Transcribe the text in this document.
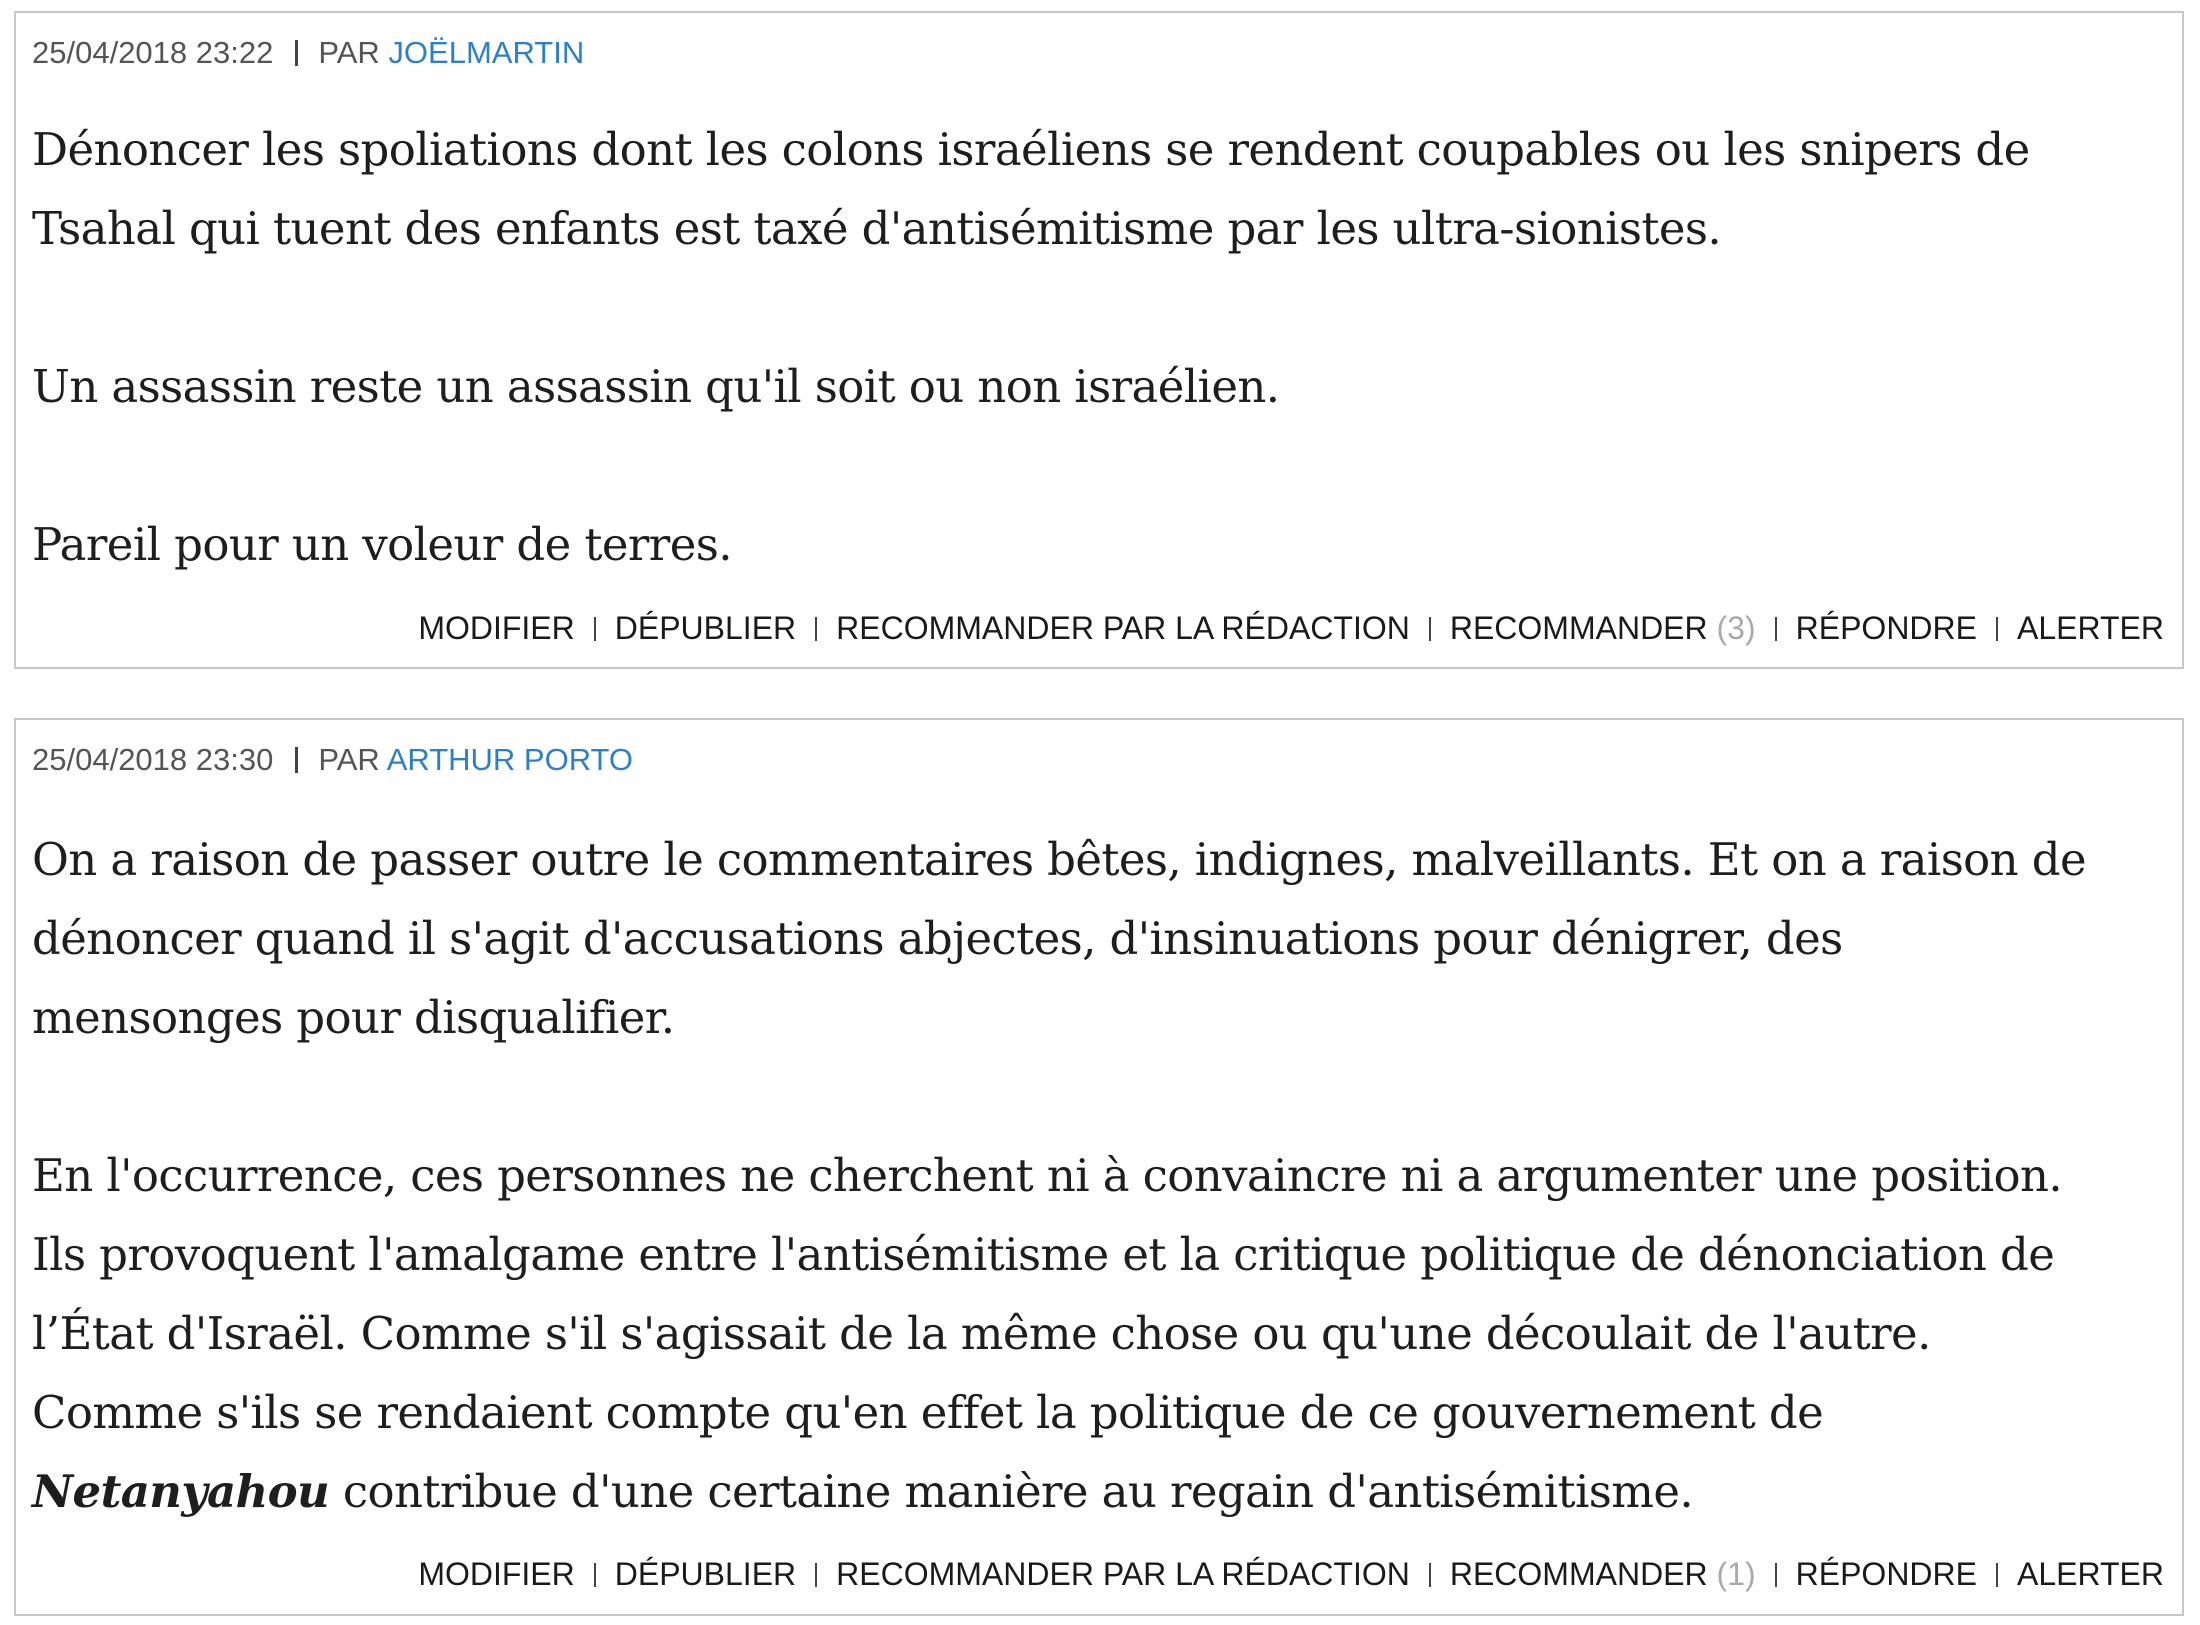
25/04/2018 23:22 PAR JOËLMARTIN

Dénoncer les spoliations dont les colons israéliens se rendent coupables ou les snipers de

Tsahal qui tuent des enfants est taxé d'antisémitisme par les ultra-sionistes.

Un assassin reste un assassin qu'il soit ou non israélien.

Pareil pour un voleur de terres.

MODIFIER DÉPUBLIER RECOMMANDER PAR LA RÉDACTION RECOMMANDER (3) RÉPONDRE ALERTER
25/04/2018 23:30 PAR ARTHUR PORTO

On a raison de passer outre le commentaires bêtes, indignes, malveillants. Et on a raison de

dénoncer quand il s'agit d'accusations abjectes, d'insinuations pour dénigrer, des

mensonges pour disqualifier.

En l'occurrence, ces personnes ne cherchent ni à convaincre ni a argumenter une position.

Ils provoquent l'amalgame entre l'antisémitisme et la critique politique de dénonciation de

l’État d'Israël. Comme s'il s'agissait de la même chose ou qu'une découlait de l'autre.

Comme s'ils se rendaient compte qu'en effet la politique de ce gouvernement de

Netanyahou contribue d'une certaine manière au regain d'antisémitisme.

MODIFIER DÉPUBLIER RECOMMANDER PAR LA RÉDACTION RECOMMANDER (1) RÉPONDRE ALERTER
